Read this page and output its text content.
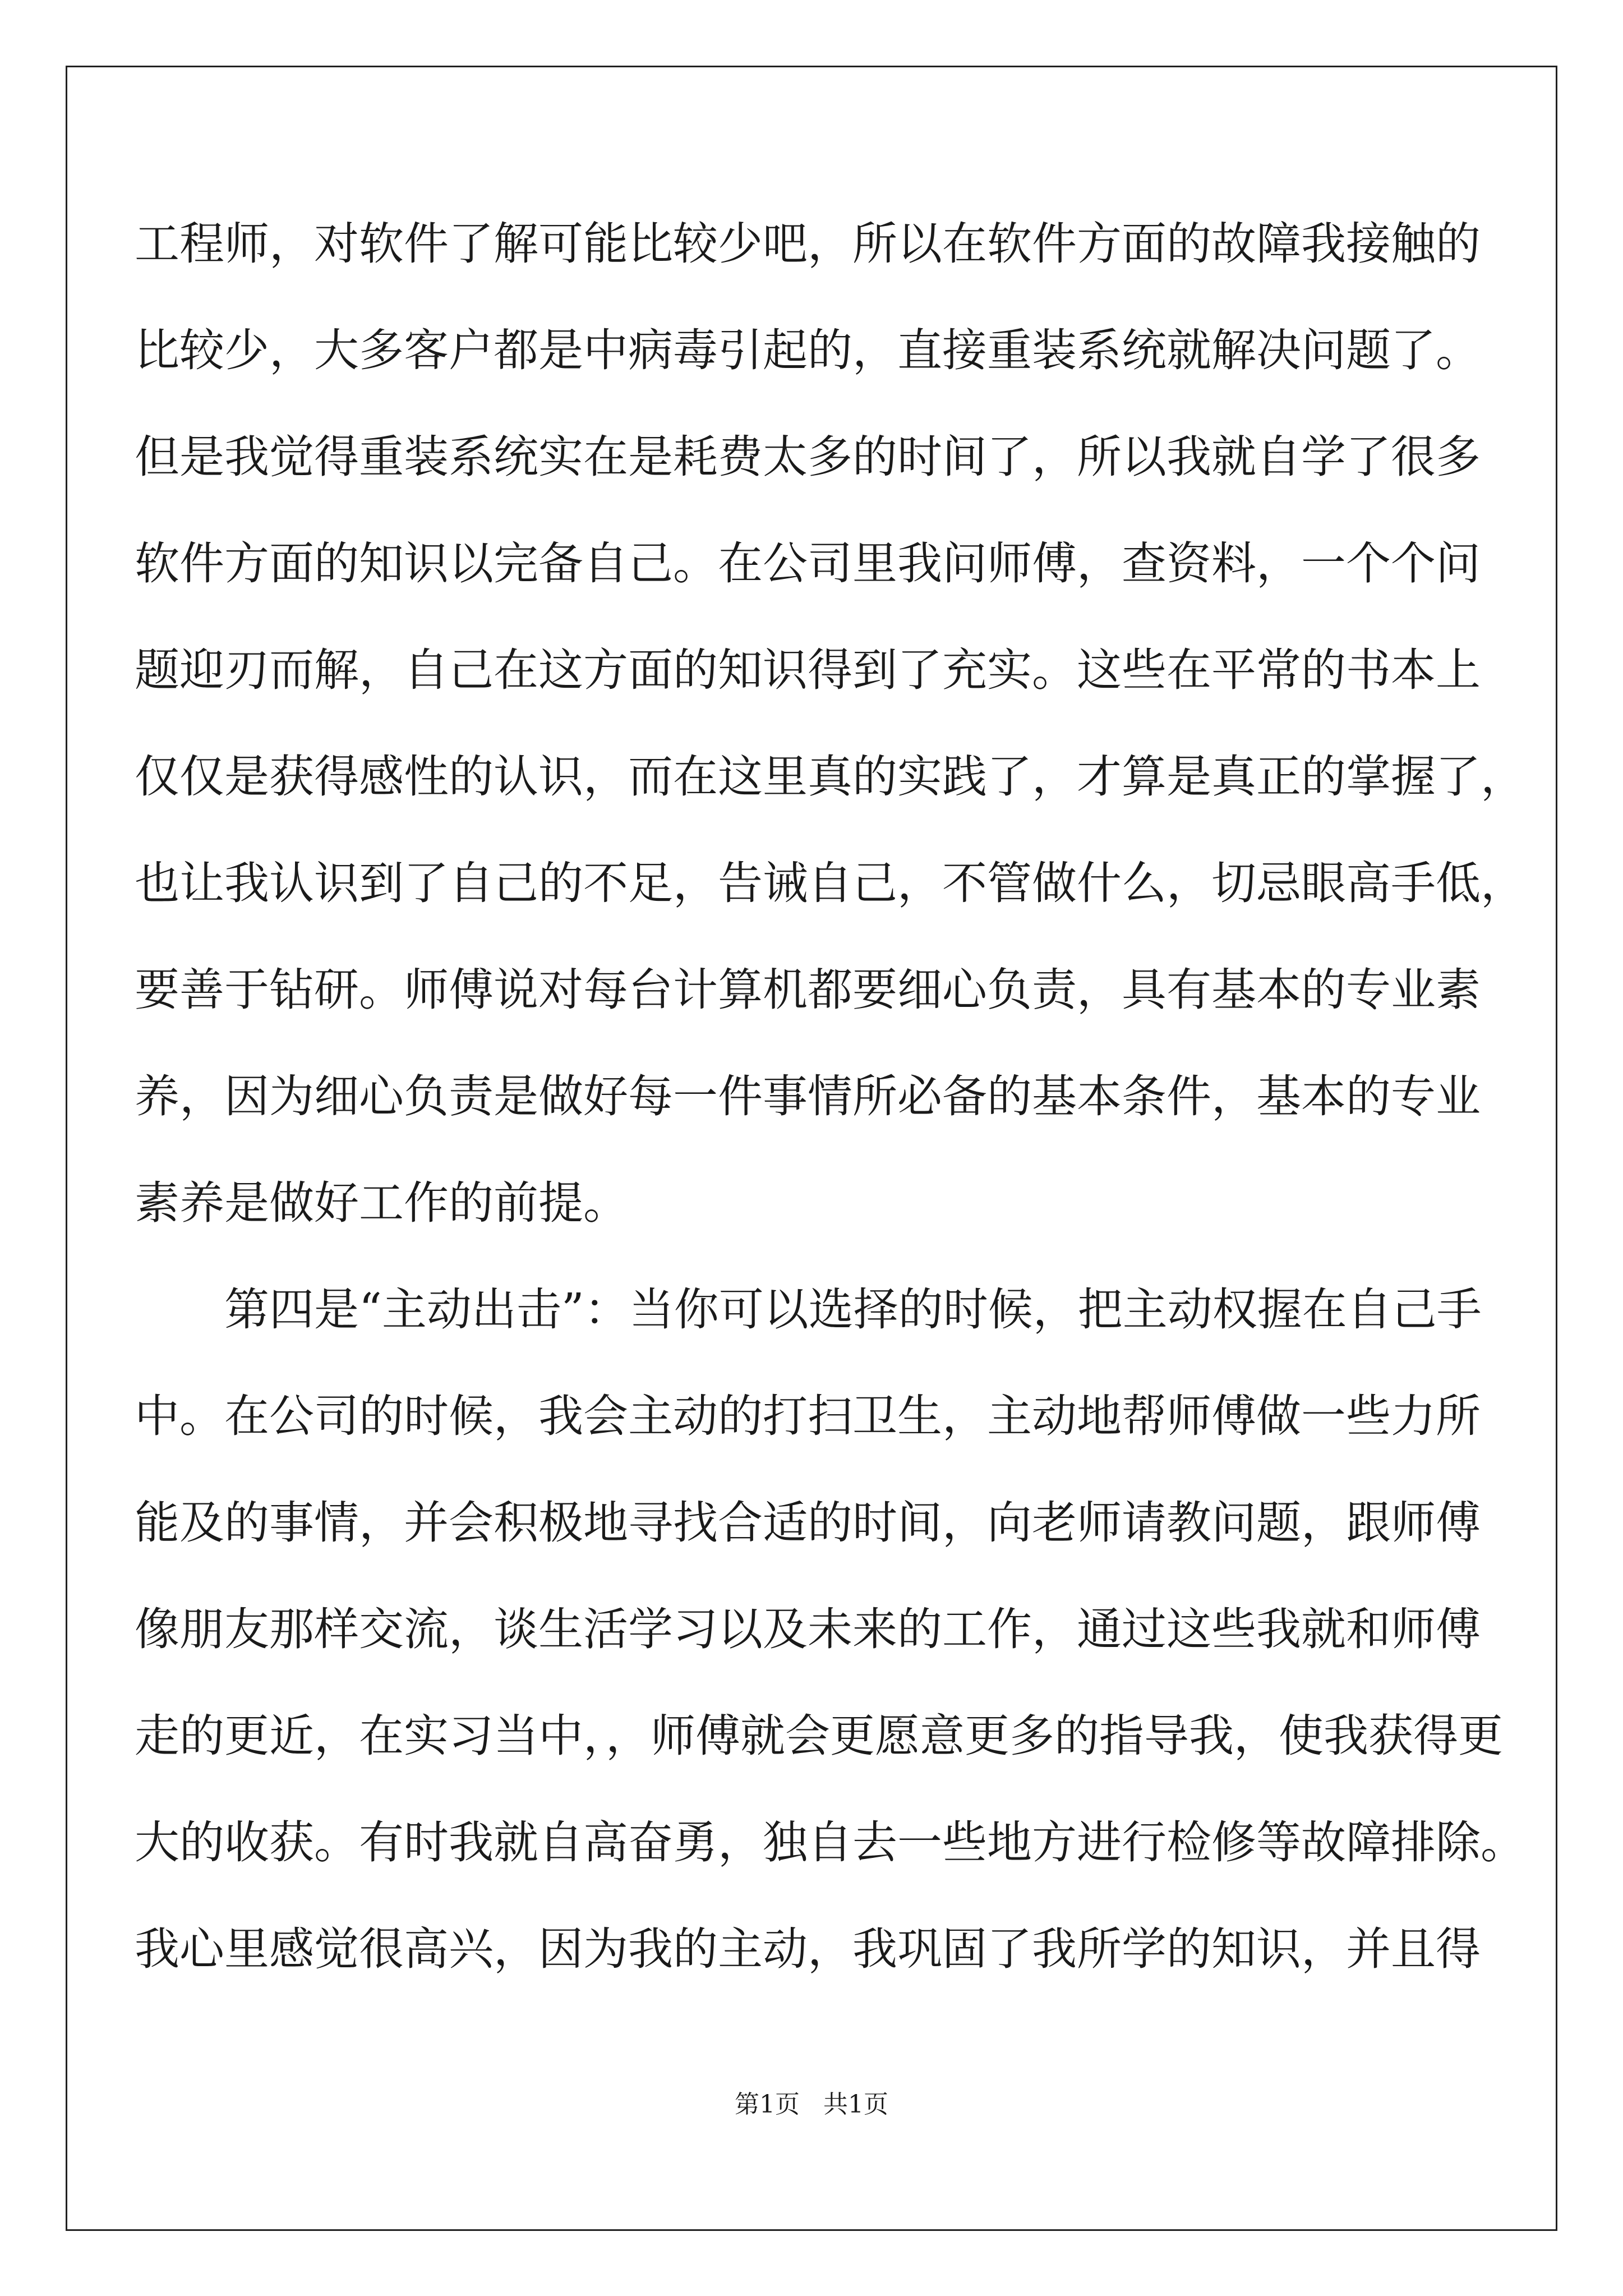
工程师，对软件了解可能比较少吧，所以在软件方面的故障我接触的
比较少，大多客户都是中病毒引起的，直接重装系统就解决问题了。
但是我觉得重装系统实在是耗费太多的时间了，所以我就自学了很多
软件方面的知识以完备自己。在公司里我问师傅，查资料，一个个问
题迎刃而解，自己在这方面的知识得到了充实。这些在平常的书本上
仅仅是获得感性的认识，而在这里真的实践了，才算是真正的掌握了，
也让我认识到了自己的不足，告诫自己，不管做什么，切忌眼高手低，
要善于钻研。师傅说对每台计算机都要细心负责，具有基本的专业素
养，因为细心负责是做好每一件事情所必备的基本条件，基本的专业
素养是做好工作的前提。
第四是“主动出击”：当你可以选择的时候，把主动权握在自己手
中。在公司的时候，我会主动的打扫卫生，主动地帮师傅做一些力所
能及的事情，并会积极地寻找合适的时间，向老师请教问题，跟师傅
像朋友那样交流，谈生活学习以及未来的工作，通过这些我就和师傅
走的更近，在实习当中，，师傅就会更愿意更多的指导我，使我获得更
大的收获。有时我就自高奋勇，独自去一些地方进行检修等故障排除。
我心里感觉很高兴，因为我的主动，我巩固了我所学的知识，并且得
第1页   共1页
